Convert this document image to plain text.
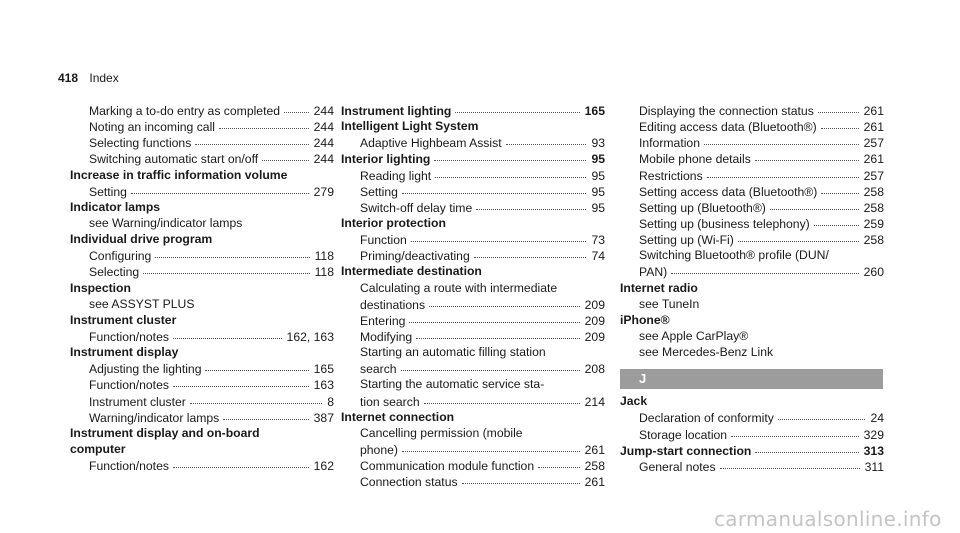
418 Index
Marking a to-do entry as completed	244
Noting an incoming call	244
Selecting functions	244
Switching automatic start on/off	244
Increase in traffic information volume
Setting	279
Indicator lamps
see Warning/indicator lamps
Individual drive program
Configuring	118
Selecting	118
Inspection
see ASSYST PLUS
Instrument cluster
Function/notes	162, 163
Instrument display
Adjusting the lighting	165
Function/notes	163
Instrument cluster	8
Warning/indicator lamps	387
Instrument display and on-board
computer
Function/notes	162
Instrument lighting	165
Intelligent Light System
Adaptive Highbeam Assist	93
Interior lighting	95
Reading light	95
Setting	95
Switch-off delay time	95
Interior protection
Function	73
Priming/deactivating	74
Intermediate destination
Calculating a route with intermediate
destinations	209
Entering	209
Modifying	209
Starting an automatic filling station
search	208
Starting the automatic service sta-
tion search	214
Internet connection
Cancelling permission (mobile
phone)	261
Communication module function	258
Connection status	261
Displaying the connection status	261
Editing access data (Bluetooth®)	261
Information	257
Mobile phone details	261
Restrictions	257
Setting access data (Bluetooth®)	258
Setting up (Bluetooth®)	258
Setting up (business telephony)	259
Setting up (Wi-Fi)	258
Switching Bluetooth® profile (DUN/
PAN)	260
Internet radio
see TuneIn
iPhone®
see Apple CarPlay®
see Mercedes-Benz Link
J
Jack
Declaration of conformity	24
Storage location	329
Jump-start connection	313
General notes	311
carmanualsonline.info
